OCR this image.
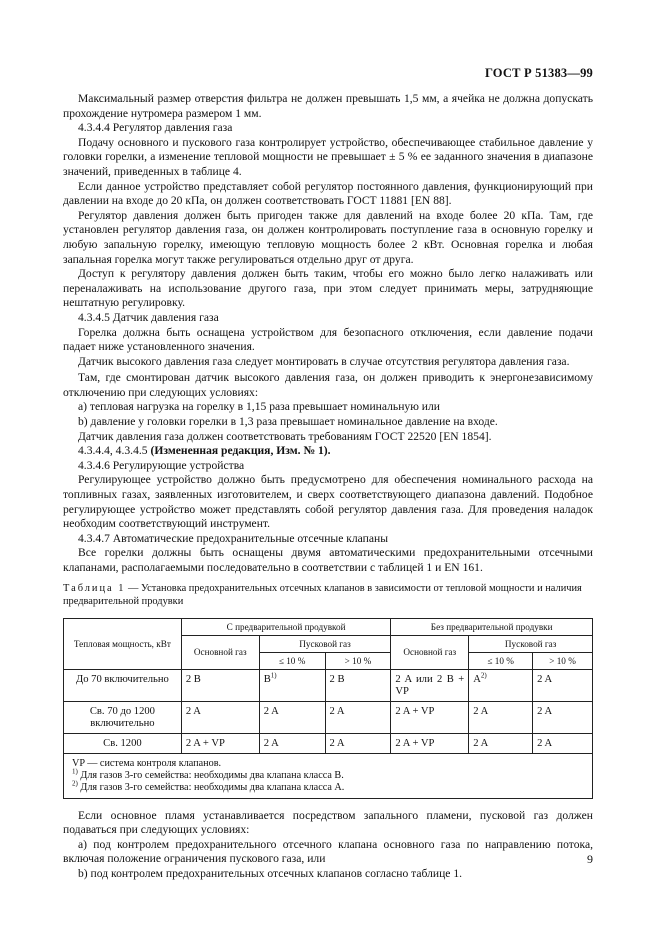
ГОСТ Р 51383—99

Максимальный размер отверстия фильтра не должен превышать 1,5 мм, а ячейка не должна допускать прохождение нутромера размером 1 мм.

4.3.4.4 Регулятор давления газа

Подачу основного и пускового газа контролирует устройство, обеспечивающее стабильное давление у головки горелки, а изменение тепловой мощности не превышает ± 5 % ее заданного значения в диапазоне значений, приведенных в таблице 4.

Если данное устройство представляет собой регулятор постоянного давления, функционирующий при давлении на входе до 20 кПа, он должен соответствовать ГОСТ 11881 [EN 88].

Регулятор давления должен быть пригоден также для давлений на входе более 20 кПа. Там, где установлен регулятор давления газа, он должен контролировать поступление газа в основную горелку и любую запальную горелку, имеющую тепловую мощность более 2 кВт. Основная горелка и любая запальная горелка могут также регулироваться отдельно друг от друга.

Доступ к регулятору давления должен быть таким, чтобы его можно было легко налаживать или переналаживать на использование другого газа, при этом следует принимать меры, затрудняющие нештатную регулировку.

4.3.4.5 Датчик давления газа

Горелка должна быть оснащена устройством для безопасного отключения, если давление подачи падает ниже установленного значения.

Датчик высокого давления газа следует монтировать в случае отсутствия регулятора давления газа.

Там, где смонтирован датчик высокого давления газа, он должен приводить к энергонезависимому отключению при следующих условиях:

a) тепловая нагрузка на горелку в 1,15 раза превышает номинальную или

b) давление у головки горелки в 1,3 раза превышает номинальное давление на входе.

Датчик давления газа должен соответствовать требованиям ГОСТ 22520 [EN 1854].

4.3.4.4, 4.3.4.5 (Измененная редакция, Изм. № 1).

4.3.4.6 Регулирующие устройства

Регулирующее устройство должно быть предусмотрено для обеспечения номинального расхода на топливных газах, заявленных изготовителем, и сверх соответствующего диапазона давлений. Подобное регулирующее устройство может представлять собой регулятор давления газа. Для проведения наладок необходим соответствующий инструмент.

4.3.4.7 Автоматические предохранительные отсечные клапаны

Все горелки должны быть оснащены двумя автоматическими предохранительными отсечными клапанами, располагаемыми последовательно в соответствии с таблицей 1 и EN 161.

Таблица 1 — Установка предохранительных отсечных клапанов в зависимости от тепловой мощности и наличия предварительной продувки
Тепловая мощность, кВт	С предварительной продувкой			Без предварительной продувки		
	Основной газ	Пусковой газ		Основной газ	Пусковой газ	
		≤ 10 %	> 10 %		≤ 10 %	> 10 %
До 70 включительно	2 B	$B^{1)}$	2 B	2 A или 2 B + VP	$A^{2)}$	2 A
Св. 70 до 1200 включительно	2 A	2 A	2 A	2 A + VP	2 A	2 A
Св. 1200	2 A + VP	2 A	2 A	2 A + VP	2 A	2 A

VP — система контроля клапанов.

$^{1)}$ Для газов 3-го семейства: необходимы два клапана класса B.

$^{2)}$ Для газов 3-го семейства: необходимы два клапана класса A.						

Если основное пламя устанавливается посредством запального пламени, пусковой газ должен подаваться при следующих условиях:

a) под контролем предохранительного отсечного клапана основного газа по направлению потока, включая положение ограничения пускового газа, или

b) под контролем предохранительных отсечных клапанов согласно таблице 1.

9
